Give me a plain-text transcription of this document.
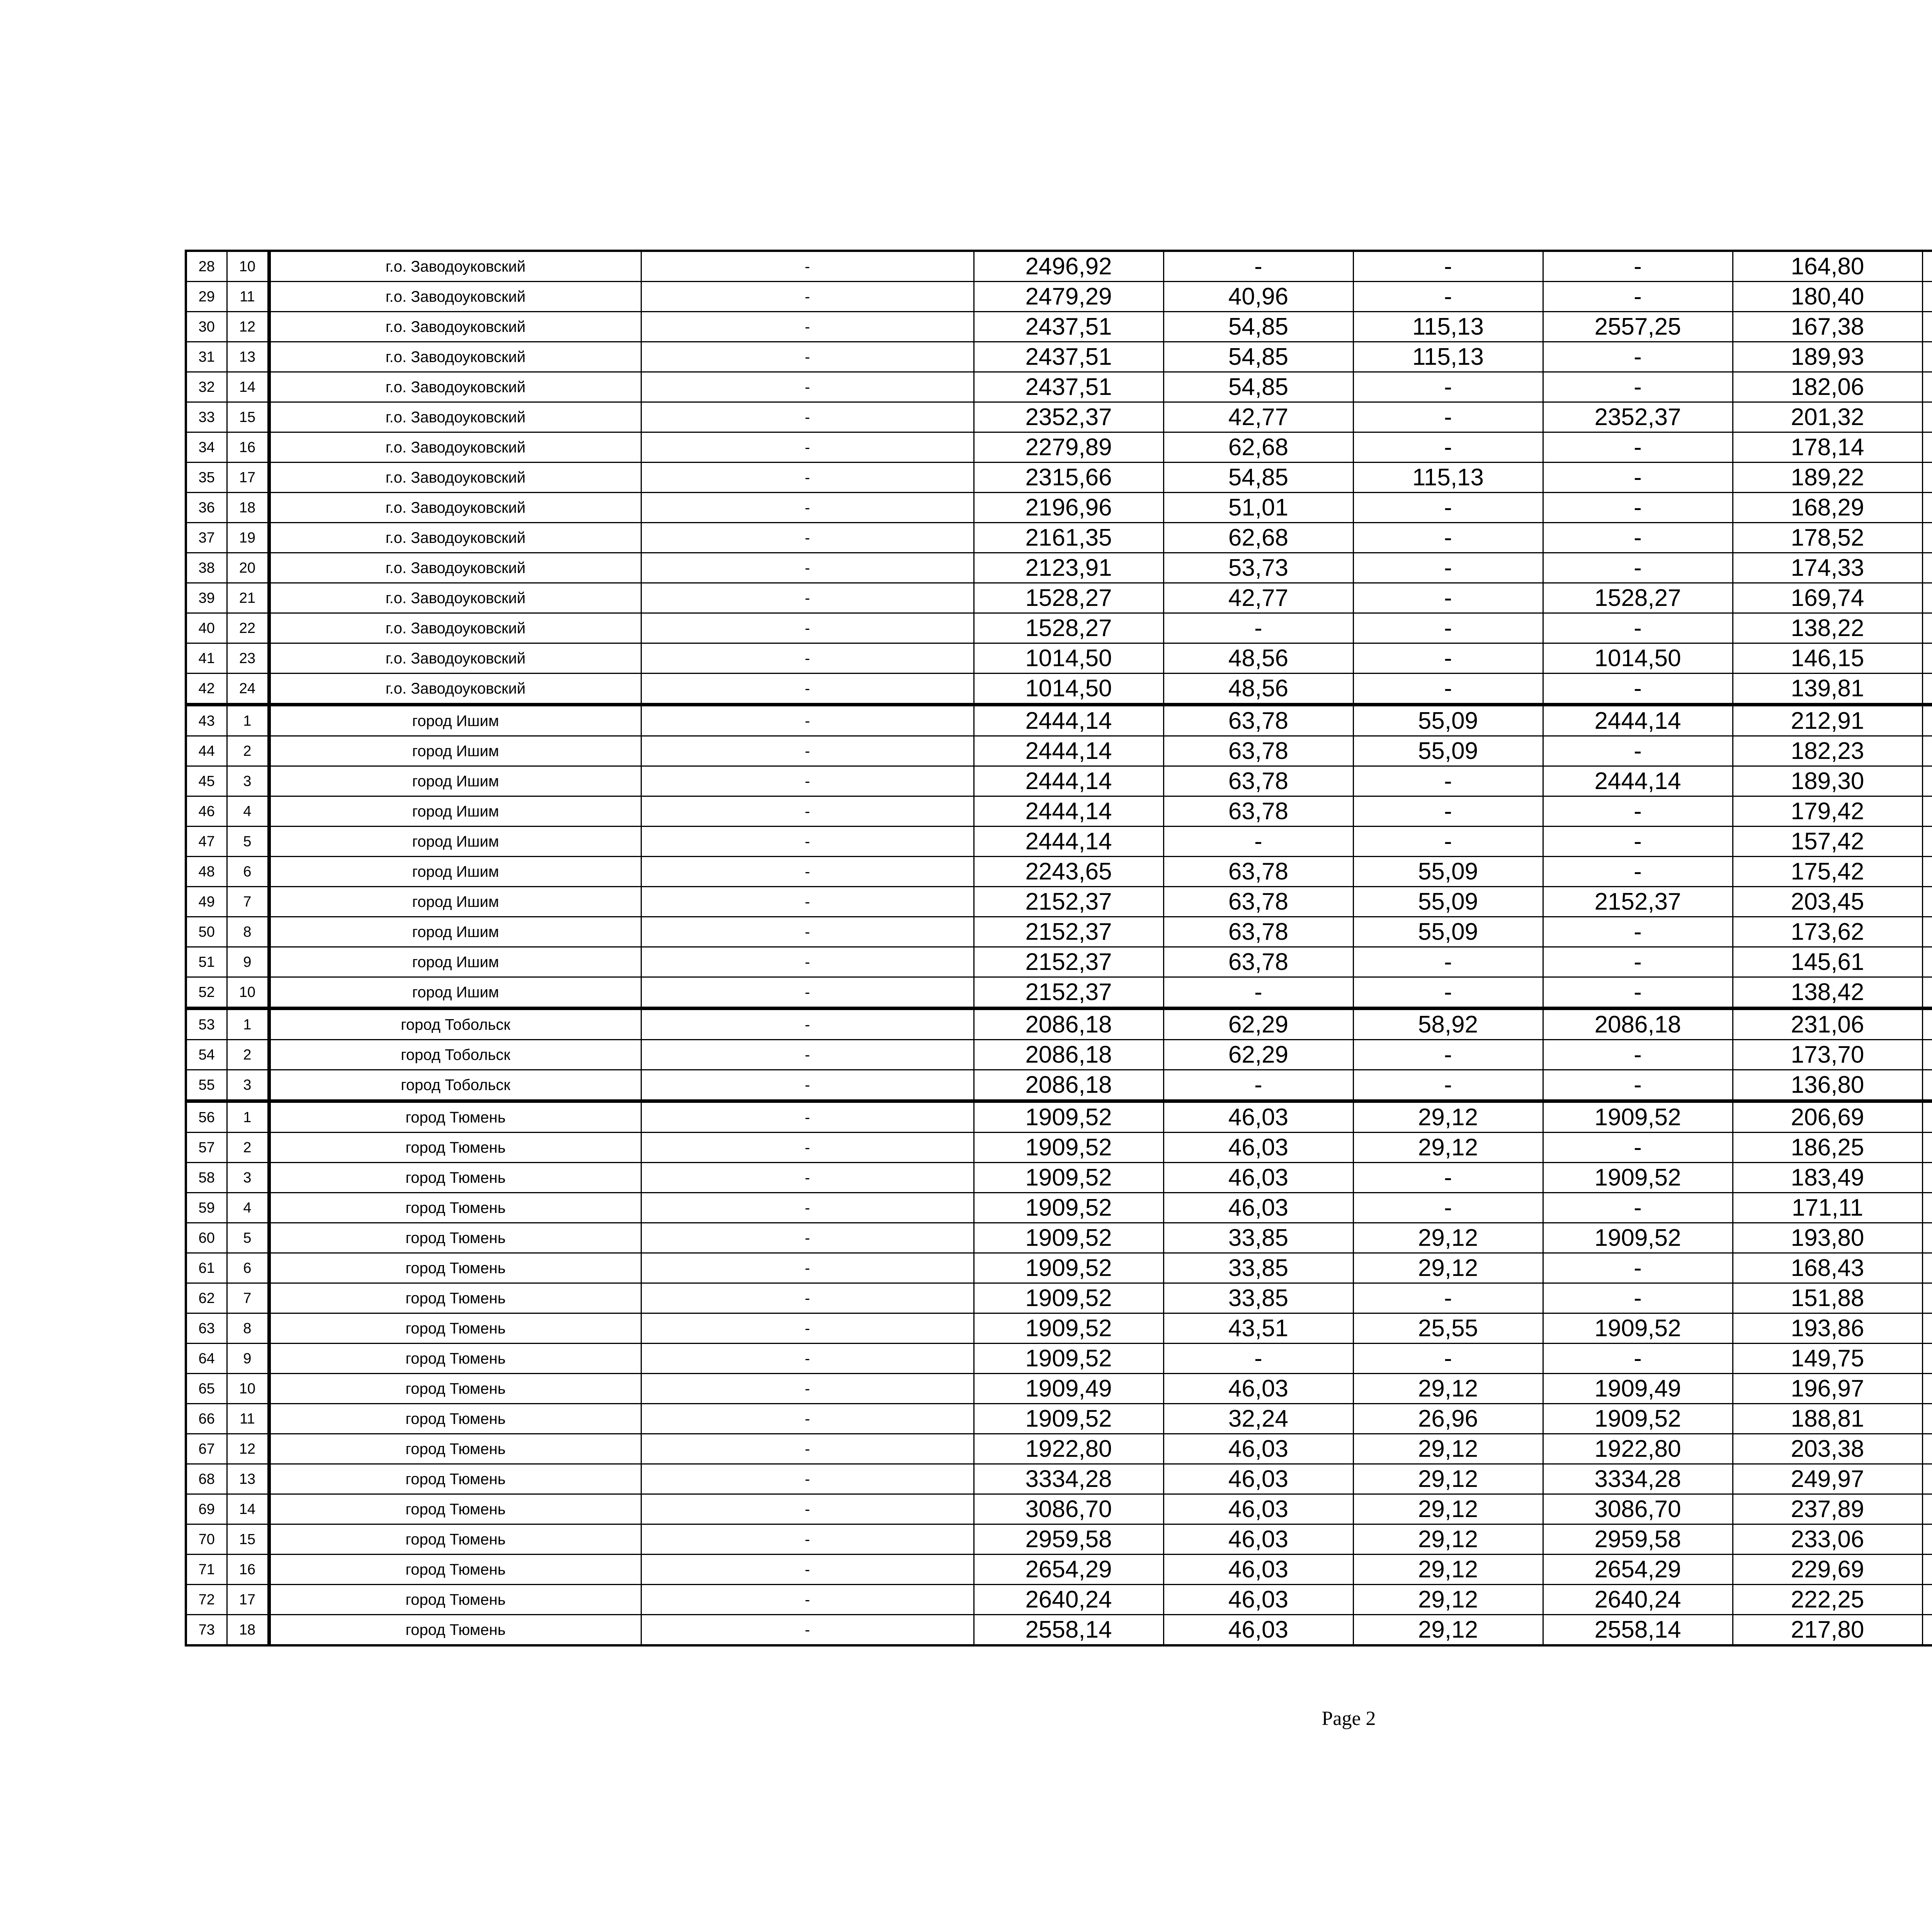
28	10	г.о. Заводоуковский	-	2496,92	-	-	-	164,80			
29	11	г.о. Заводоуковский	-	2479,29	40,96	-	-	180,40			
30	12	г.о. Заводоуковский	-	2437,51	54,85	115,13	2557,25	167,38			
31	13	г.о. Заводоуковский	-	2437,51	54,85	115,13	-	189,93			
32	14	г.о. Заводоуковский	-	2437,51	54,85	-	-	182,06			
33	15	г.о. Заводоуковский	-	2352,37	42,77	-	2352,37	201,32			
34	16	г.о. Заводоуковский	-	2279,89	62,68	-	-	178,14			
35	17	г.о. Заводоуковский	-	2315,66	54,85	115,13	-	189,22			
36	18	г.о. Заводоуковский	-	2196,96	51,01	-	-	168,29			
37	19	г.о. Заводоуковский	-	2161,35	62,68	-	-	178,52			
38	20	г.о. Заводоуковский	-	2123,91	53,73	-	-	174,33			
39	21	г.о. Заводоуковский	-	1528,27	42,77	-	1528,27	169,74			
40	22	г.о. Заводоуковский	-	1528,27	-	-	-	138,22			
41	23	г.о. Заводоуковский	-	1014,50	48,56	-	1014,50	146,15			
42	24	г.о. Заводоуковский	-	1014,50	48,56	-	-	139,81			
43	1	город Ишим	-	2444,14	63,78	55,09	2444,14	212,91			
44	2	город Ишим	-	2444,14	63,78	55,09	-	182,23			
45	3	город Ишим	-	2444,14	63,78	-	2444,14	189,30			
46	4	город Ишим	-	2444,14	63,78	-	-	179,42			
47	5	город Ишим	-	2444,14	-	-	-	157,42			
48	6	город Ишим	-	2243,65	63,78	55,09	-	175,42			
49	7	город Ишим	-	2152,37	63,78	55,09	2152,37	203,45			
50	8	город Ишим	-	2152,37	63,78	55,09	-	173,62			
51	9	город Ишим	-	2152,37	63,78	-	-	145,61			
52	10	город Ишим	-	2152,37	-	-	-	138,42			
53	1	город Тобольск	-	2086,18	62,29	58,92	2086,18	231,06			
54	2	город Тобольск	-	2086,18	62,29	-	-	173,70			
55	3	город Тобольск	-	2086,18	-	-	-	136,80			
56	1	город Тюмень	-	1909,52	46,03	29,12	1909,52	206,69			
57	2	город Тюмень	-	1909,52	46,03	29,12	-	186,25			
58	3	город Тюмень	-	1909,52	46,03	-	1909,52	183,49			
59	4	город Тюмень	-	1909,52	46,03	-	-	171,11			
60	5	город Тюмень	-	1909,52	33,85	29,12	1909,52	193,80			
61	6	город Тюмень	-	1909,52	33,85	29,12	-	168,43			
62	7	город Тюмень	-	1909,52	33,85	-	-	151,88			
63	8	город Тюмень	-	1909,52	43,51	25,55	1909,52	193,86			
64	9	город Тюмень	-	1909,52	-	-	-	149,75			
65	10	город Тюмень	-	1909,49	46,03	29,12	1909,49	196,97			
66	11	город Тюмень	-	1909,52	32,24	26,96	1909,52	188,81			
67	12	город Тюмень	-	1922,80	46,03	29,12	1922,80	203,38			
68	13	город Тюмень	-	3334,28	46,03	29,12	3334,28	249,97			
69	14	город Тюмень	-	3086,70	46,03	29,12	3086,70	237,89			
70	15	город Тюмень	-	2959,58	46,03	29,12	2959,58	233,06			
71	16	город Тюмень	-	2654,29	46,03	29,12	2654,29	229,69			
72	17	город Тюмень	-	2640,24	46,03	29,12	2640,24	222,25			
73	18	город Тюмень	-	2558,14	46,03	29,12	2558,14	217,80			
Page 2
